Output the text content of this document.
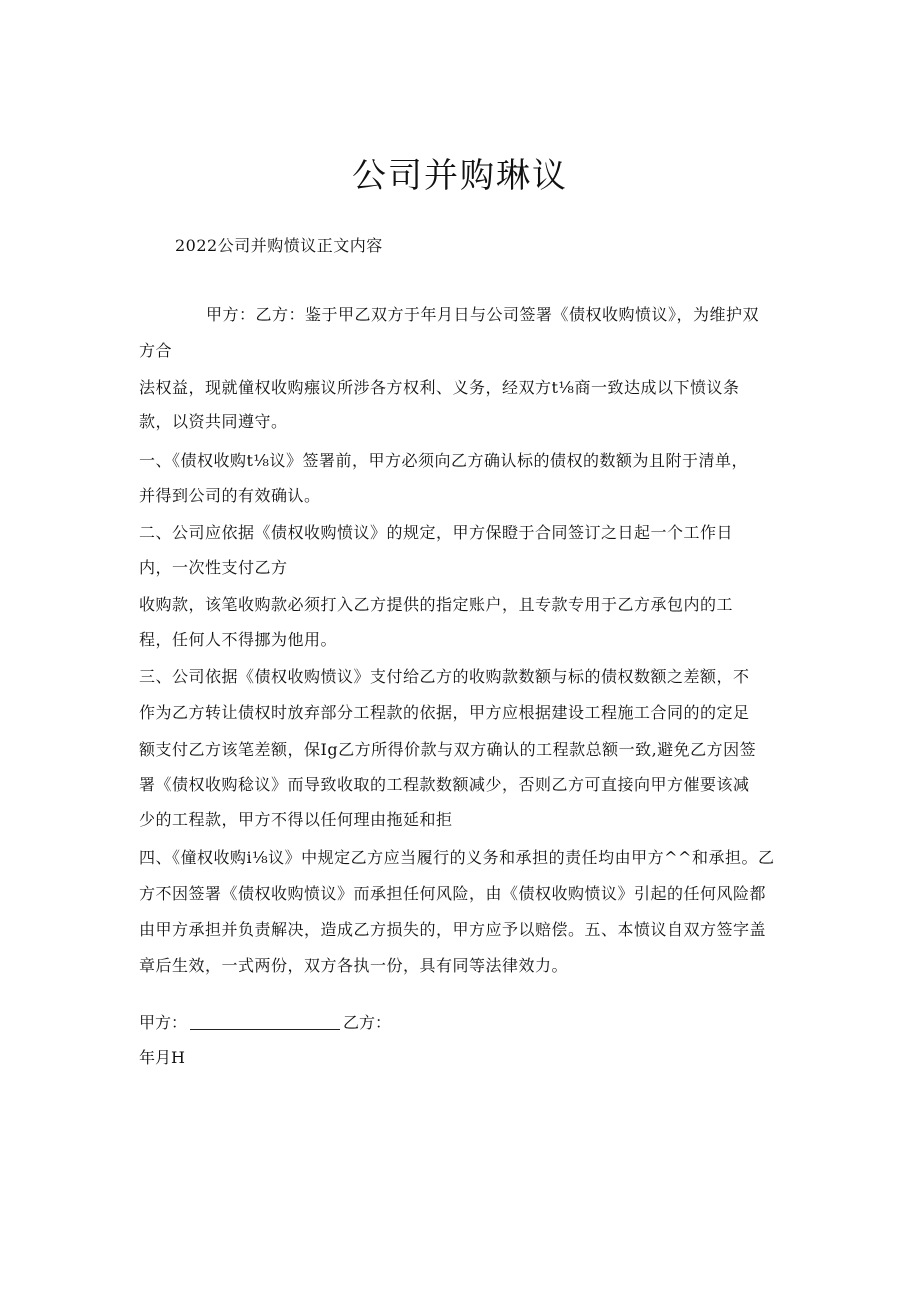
公司并购琳议
2022公司并购愤议正文内容
甲方：乙方：鉴于甲乙双方于年月日与公司签署《债权收购愤议》，为维护双
方合
法权益，现就僮权收购瘬议所涉各方权利、义务，经双方t⅛商一致达成以下愤议条
款，以资共同遵守。
一、《债权收购t⅛议》签署前，甲方必须向乙方确认标的债权的数额为且附于清单，
并得到公司的有效确认。
二、公司应依据《债权收购愤议》的规定，甲方保瞪于合同签订之日起一个工作日
内，一次性支付乙方
收购款，该笔收购款必须打入乙方提供的指定账户，且专款专用于乙方承包内的工
程，任何人不得挪为他用。
三、公司依据《债权收购愤议》支付给乙方的收购款数额与标的债权数额之差额，不
作为乙方转让债权时放弃部分工程款的依据，甲方应根据建设工程施工合同的的定足
额支付乙方该笔差额，保Ig乙方所得价款与双方确认的工程款总额一致,避免乙方因签
署《债权收购稔议》而导致收取的工程款数额减少，否则乙方可直接向甲方催要该减
少的工程款，甲方不得以任何理由拖延和拒
四、《僮权收购i⅛议》中规定乙方应当履行的义务和承担的责任均由甲方^^和承担。乙
方不因签署《债权收购愤议》而承担任何风险，由《债权收购愤议》引起的任何风险都
由甲方承担并负责解决，造成乙方损失的，甲方应予以赔偿。五、本愤议自双方签字盖
章后生效，一式两份，双方各执一份，具有同等法律效力。
甲方：	乙方：
年月H
